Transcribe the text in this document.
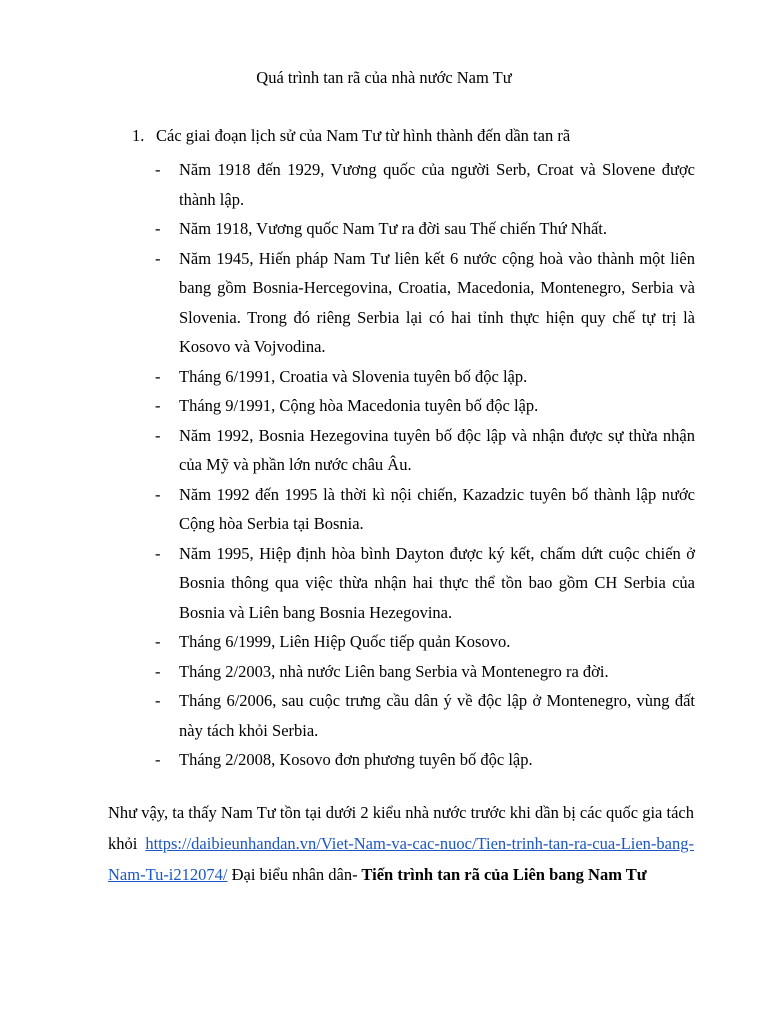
Quá trình tan rã của nhà nước Nam Tư
1. Các giai đoạn lịch sử của Nam Tư từ hình thành đến dần tan rã
- Năm 1918 đến 1929, Vương quốc của người Serb, Croat và Slovene được thành lập.
- Năm 1918, Vương quốc Nam Tư ra đời sau Thế chiến Thứ Nhất.
- Năm 1945, Hiến pháp Nam Tư liên kết 6 nước cộng hoà vào thành một liên bang gồm Bosnia-Hercegovina, Croatia, Macedonia, Montenegro, Serbia và Slovenia. Trong đó riêng Serbia lại có hai tỉnh thực hiện quy chế tự trị là Kosovo và Vojvodina.
- Tháng 6/1991, Croatia và Slovenia tuyên bố độc lập.
- Tháng 9/1991, Cộng hòa Macedonia tuyên bố độc lập.
- Năm 1992, Bosnia Hezegovina tuyên bố độc lập và nhận được sự thừa nhận của Mỹ và phần lớn nước châu Âu.
- Năm 1992 đến 1995 là thời kì nội chiến, Kazadzic tuyên bố thành lập nước Cộng hòa Serbia tại Bosnia.
- Năm 1995, Hiệp định hòa bình Dayton được ký kết, chấm dứt cuộc chiến ở Bosnia thông qua việc thừa nhận hai thực thể tồn bao gồm CH Serbia của Bosnia và Liên bang Bosnia Hezegovina.
- Tháng 6/1999, Liên Hiệp Quốc tiếp quản Kosovo.
- Tháng 2/2003, nhà nước Liên bang Serbia và Montenegro ra đời.
- Tháng 6/2006, sau cuộc trưng cầu dân ý về độc lập ở Montenegro, vùng đất này tách khỏi Serbia.
- Tháng 2/2008, Kosovo đơn phương tuyên bố độc lập.
Như vậy, ta thấy Nam Tư tồn tại dưới 2 kiểu nhà nước trước khi dần bị các quốc gia tách khỏi https://daibieunhandan.vn/Viet-Nam-va-cac-nuoc/Tien-trinh-tan-ra-cua-Lien-bang-Nam-Tu-i212074/ Đại biểu nhân dân- Tiến trình tan rã của Liên bang Nam Tư
